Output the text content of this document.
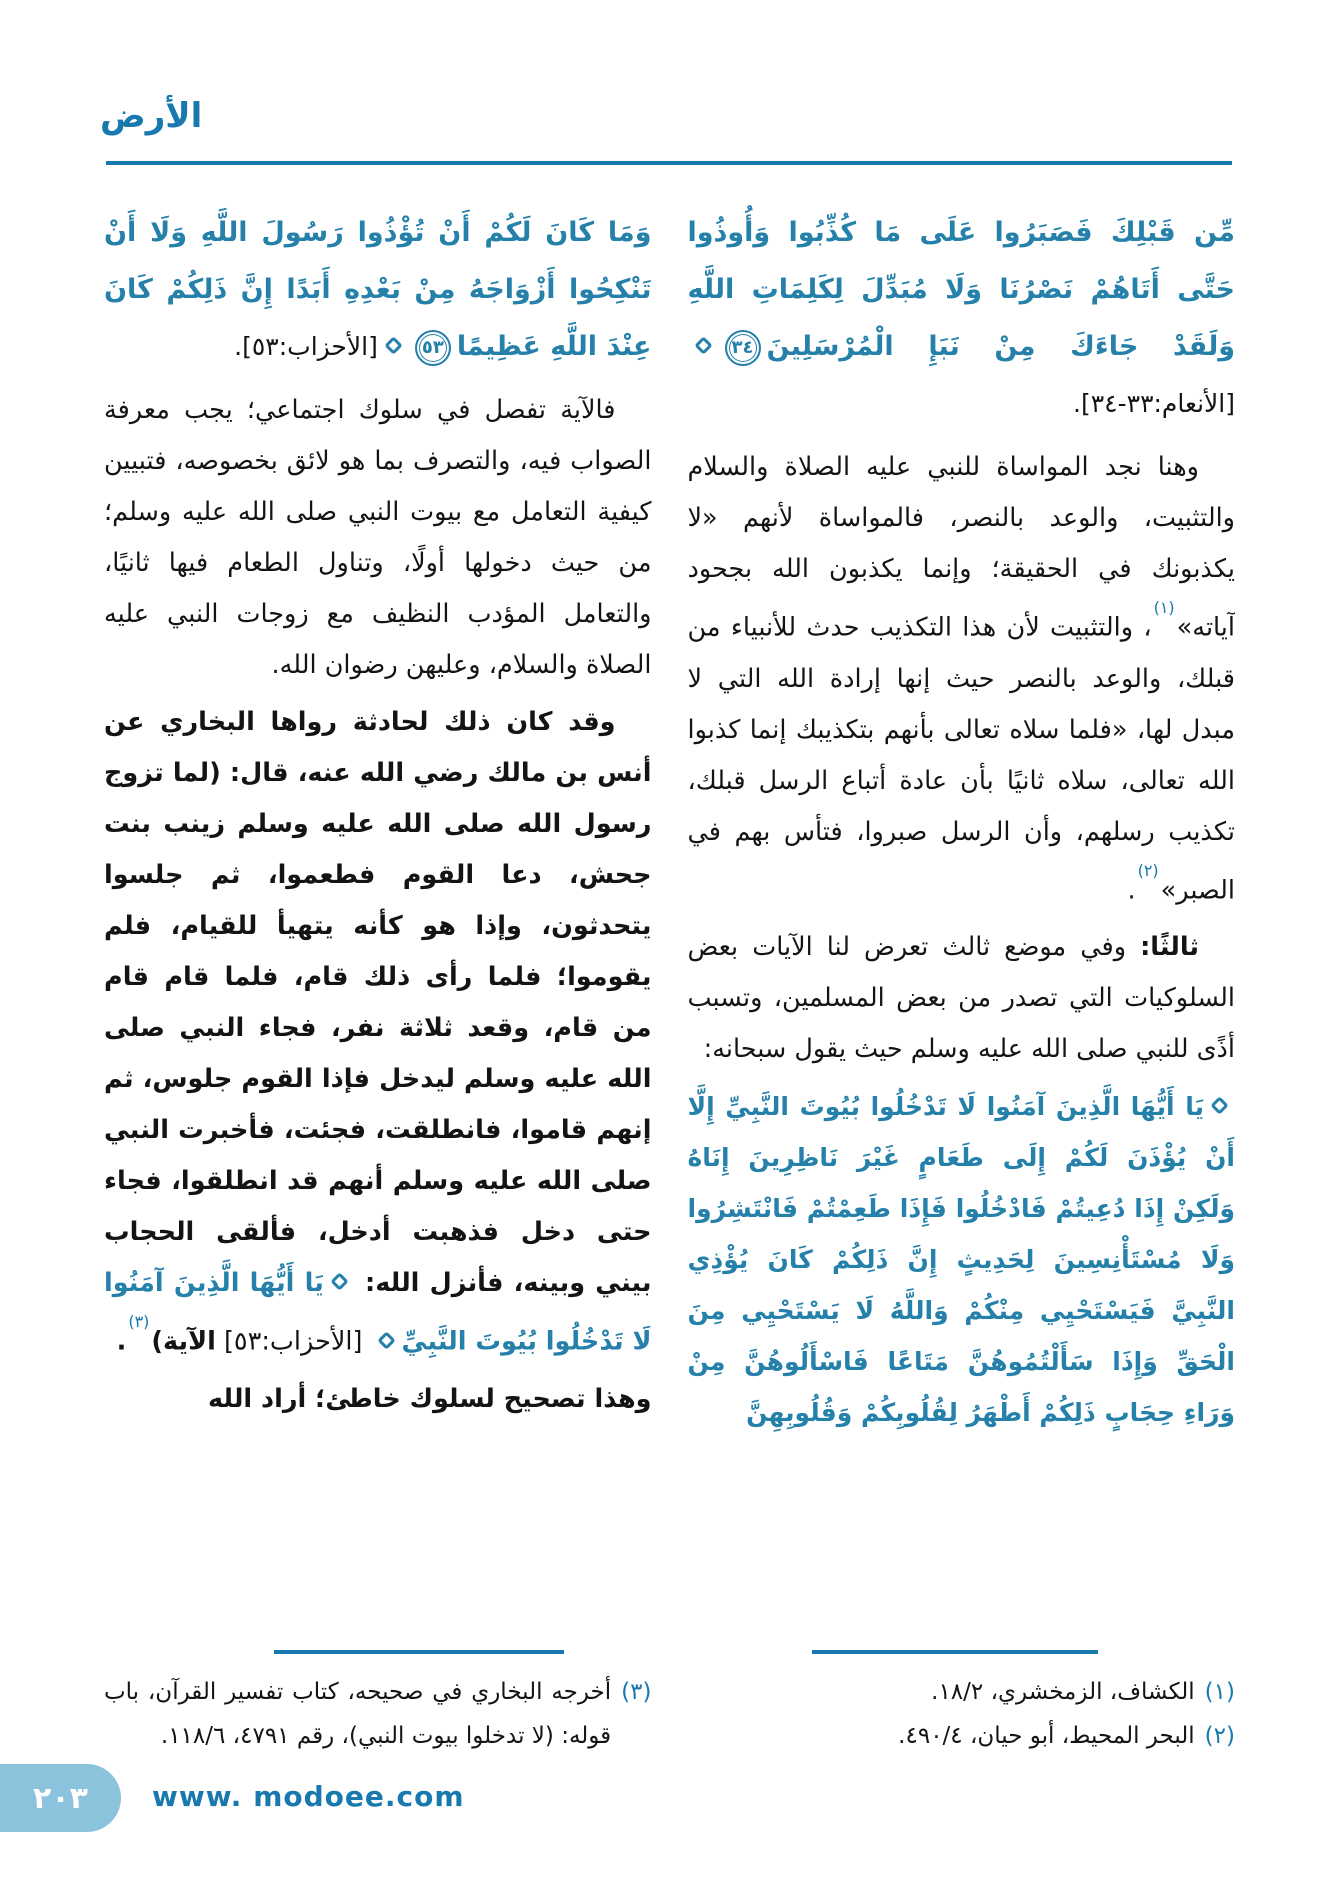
الأرض
مِّن قَبْلِكَ فَصَبَرُوا عَلَى مَا كُذِّبُوا وَأُوذُوا حَتَّى أَتَاهُمْ نَصْرُنَا وَلَا مُبَدِّلَ لِكَلِمَاتِ اللَّهِ وَلَقَدْ جَاءَكَ مِنْ نَبَإِ الْمُرْسَلِينَ
٣٤
[الأنعام:٣٣-٣٤].

وهنا نجد المواساة للنبي عليه الصلاة والسلام والتثبيت، والوعد بالنصر، فالمواساة لأنهم «لا يكذبونك في الحقيقة؛ وإنما يكذبون الله بجحود آياته»$^{(١)}$، والتثبيت لأن هذا التكذيب حدث للأنبياء من قبلك، والوعد بالنصر حيث إنها إرادة الله التي لا مبدل لها، «فلما سلاه تعالى بأنهم بتكذيبك إنما كذبوا الله تعالى، سلاه ثانيًا بأن عادة أتباع الرسل قبلك، تكذيب رسلهم، وأن الرسل صبروا، فتأس بهم في الصبر»$^{(٢)}$.

ثالثًا: وفي موضع ثالث تعرض لنا الآيات بعض السلوكيات التي تصدر من بعض المسلمين، وتسبب أذًى للنبي صلى الله عليه وسلم حيث يقول سبحانه:

يَا أَيُّهَا الَّذِينَ آمَنُوا لَا تَدْخُلُوا بُيُوتَ النَّبِيِّ إِلَّا أَنْ يُؤْذَنَ لَكُمْ إِلَى طَعَامٍ غَيْرَ نَاظِرِينَ إِنَاهُ وَلَكِنْ إِذَا دُعِيتُمْ فَادْخُلُوا فَإِذَا طَعِمْتُمْ فَانْتَشِرُوا وَلَا مُسْتَأْنِسِينَ لِحَدِيثٍ إِنَّ ذَلِكُمْ كَانَ يُؤْذِي النَّبِيَّ فَيَسْتَحْيِي مِنْكُمْ وَاللَّهُ لَا يَسْتَحْيِي مِنَ الْحَقِّ وَإِذَا سَأَلْتُمُوهُنَّ مَتَاعًا فَاسْأَلُوهُنَّ مِنْ وَرَاءِ حِجَابٍ ذَلِكُمْ أَطْهَرُ لِقُلُوبِكُمْ وَقُلُوبِهِنَّ
(١)
الكشاف، الزمخشري، ١٨/٢.
(٢)
البحر المحيط، أبو حيان، ٤٩٠/٤.
وَمَا كَانَ لَكُمْ أَنْ تُؤْذُوا رَسُولَ اللَّهِ وَلَا أَنْ تَنْكِحُوا أَزْوَاجَهُ مِنْ بَعْدِهِ أَبَدًا إِنَّ ذَلِكُمْ كَانَ عِنْدَ اللَّهِ عَظِيمًا
٥٣
[الأحزاب:٥٣].

فالآية تفصل في سلوك اجتماعي؛ يجب معرفة الصواب فيه، والتصرف بما هو لائق بخصوصه، فتبيين كيفية التعامل مع بيوت النبي صلى الله عليه وسلم؛ من حيث دخولها أولًا، وتناول الطعام فيها ثانيًا، والتعامل المؤدب النظيف مع زوجات النبي عليه الصلاة والسلام، وعليهن رضوان الله.

وقد كان ذلك لحادثة رواها البخاري عن أنس بن مالك رضي الله عنه، قال: (لما تزوج رسول الله صلى الله عليه وسلم زينب بنت جحش، دعا القوم فطعموا، ثم جلسوا يتحدثون، وإذا هو كأنه يتهيأ للقيام، فلم يقوموا؛ فلما رأى ذلك قام، فلما قام قام من قام، وقعد ثلاثة نفر، فجاء النبي صلى الله عليه وسلم ليدخل فإذا القوم جلوس، ثم إنهم قاموا، فانطلقت، فجئت، فأخبرت النبي صلى الله عليه وسلم أنهم قد انطلقوا، فجاء حتى دخل فذهبت أدخل، فألقى الحجاب بيني وبينه، فأنزل الله: يَا أَيُّهَا الَّذِينَ آمَنُوا لَا تَدْخُلُوا بُيُوتَ النَّبِيِّ [الأحزاب:٥٣] الآية)$^{(٣)}$.

وهذا تصحيح لسلوك خاطئ؛ أراد الله

(٣)
أخرجه البخاري في صحيحه، كتاب تفسير القرآن، باب قوله: (لا تدخلوا بيوت النبي)، رقم ٤٧٩١، ١١٨/٦.
٢٠٣ www. modoee.com
